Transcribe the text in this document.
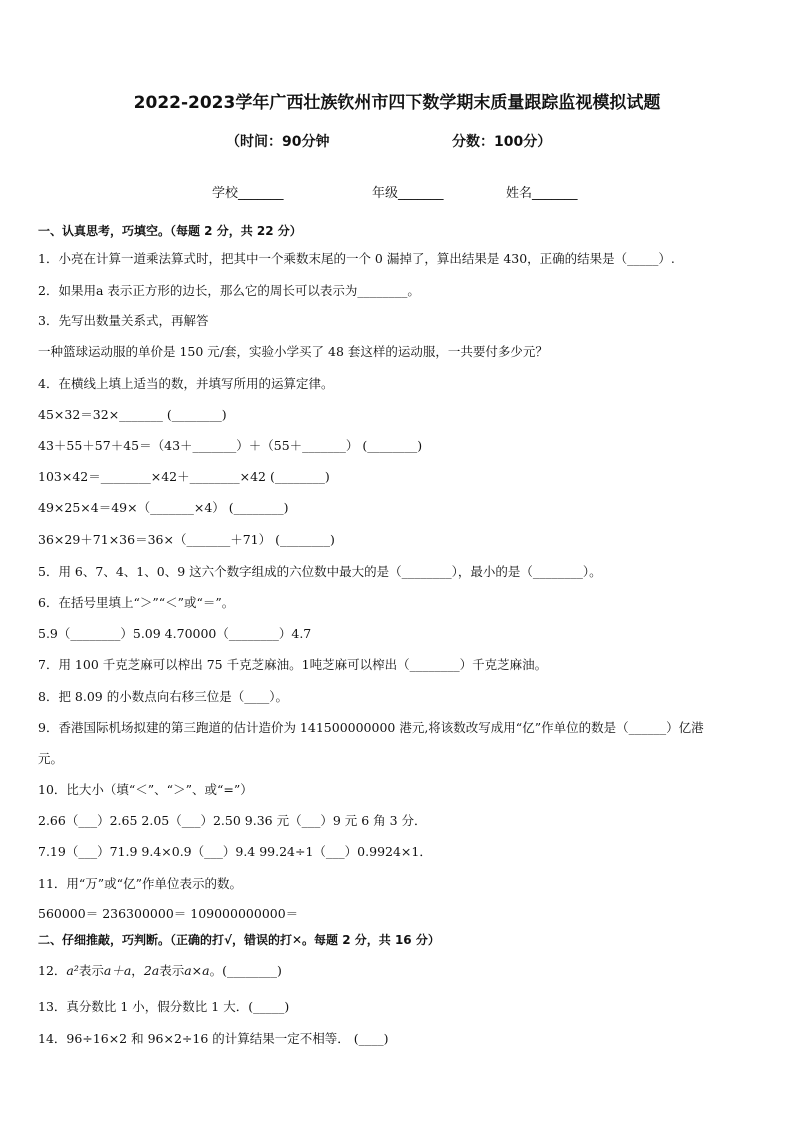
2022-2023学年广西壮族钦州市四下数学期末质量跟踪监视模拟试题
（时间：90分钟	分数：100分）
学校_______	年级_______	姓名_______
一、认真思考，巧填空。（每题 2 分，共 22 分）
1．小亮在计算一道乘法算式时，把其中一个乘数末尾的一个 0 漏掉了，算出结果是 430，正确的结果是（_____）.
2．如果用a 表示正方形的边长，那么它的周长可以表示为________。
3．先写出数量关系式，再解答
一种篮球运动服的单价是 150 元/套，实验小学买了 48 套这样的运动服，一共要付多少元？
4．在横线上填上适当的数，并填写所用的运算定律。
45×32＝32×_______ (________)
43＋55＋57＋45＝（43＋_______）＋（55＋_______） (________)
103×42＝________×42＋________×42 (________)
49×25×4＝49×（_______×4） (________)
36×29＋71×36＝36×（_______＋71） (________)
5．用 6、7、4、1、0、9 这六个数字组成的六位数中最大的是（________），最小的是（________）。
6．在括号里填上“＞”“＜”或“＝”。
5.9（________）5.09 4.70000（________）4.7
7．用 100 千克芝麻可以榨出 75 千克芝麻油。1吨芝麻可以榨出（________）千克芝麻油。
8．把 8.09 的小数点向右移三位是（____）。
9．香港国际机场拟建的第三跑道的估计造价为 141500000000 港元,将该数改写成用“亿”作单位的数是（______）亿港
元。
10．比大小（填“＜”、“＞”、或“=”）
2.66（___）2.65 2.05（___）2.50 9.36 元（___）9 元 6 角 3 分．
7.19（___）71.9 9.4×0.9（___）9.4 99.24÷1（___）0.9924×1．
11．用“万”或“亿”作单位表示的数。
560000＝ 236300000＝ 109000000000＝
二、仔细推敲，巧判断。（正确的打√，错误的打✕。每题 2 分，共 16 分）
12．a²表示a＋a，2a表示a×a。(________)
13．真分数比 1 小，假分数比 1 大．(_____)
14．96÷16×2 和 96×2÷16 的计算结果一定不相等． (____)
